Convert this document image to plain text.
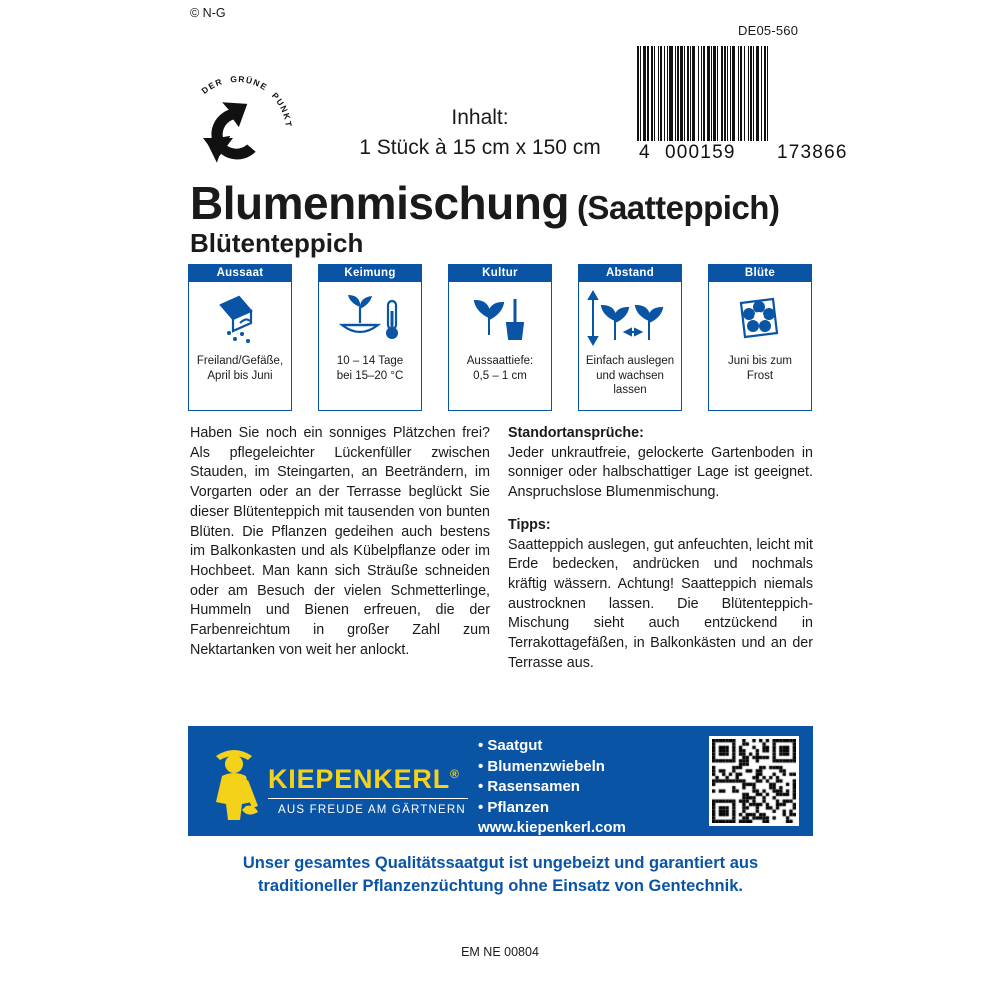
© N-G
DE05-560
4 000159 173866
D
E
R
G R Ü
N
E

P
U
N
K
T	Inhalt:
1 Stück à 15 cm x 150 cm
Blumenmischung (Saatteppich)
Blütenteppich
Aussaat
Freiland/Gefäße,
April bis Juni
Keimung
10 – 14 Tage
bei 15–20 °C
Kultur
Aussaattiefe:
0,5 – 1 cm
Abstand
Einfach auslegen
und wachsen
lassen
Blüte
Juni bis zum
Frost
Haben Sie noch ein sonniges Plätzchen frei? Als pflegeleichter Lückenfüller zwischen Stauden, im Steingarten, an Beeträndern, im Vorgarten oder an der Terrasse beglückt Sie dieser Blütenteppich mit tausenden von bunten Blüten. Die Pflanzen gedeihen auch bestens im Balkonkasten und als Kübelpflanze oder im Hochbeet. Man kann sich Sträuße schneiden oder am Besuch der vielen Schmetterlinge, Hummeln und Bienen erfreuen, die der Farbenreichtum in großer Zahl zum Nektartanken von weit her anlockt.
Standortansprüche:
Jeder unkrautfreie, gelockerte Gartenboden in sonniger oder halbschattiger Lage ist geeignet. Anspruchslose Blumenmischung.
Tipps:
Saatteppich auslegen, gut anfeuchten, leicht mit Erde bedecken, andrücken und nochmals kräftig wässern. Achtung! Saatteppich niemals austrocknen lassen. Die Blütenteppich-Mischung sieht auch entzückend in Terrakottagefäßen, in Balkonkästen und an der Terrasse aus.
KIEPENKERL®
AUS FREUDE AM GÄRTNERN
• Saatgut
• Blumenzwiebeln
• Rasensamen
• Pflanzen
www.kiepenkerl.com
Unser gesamtes Qualitätssaatgut ist ungebeizt und garantiert aus
traditioneller Pflanzenzüchtung ohne Einsatz von Gentechnik.
EM NE 00804
